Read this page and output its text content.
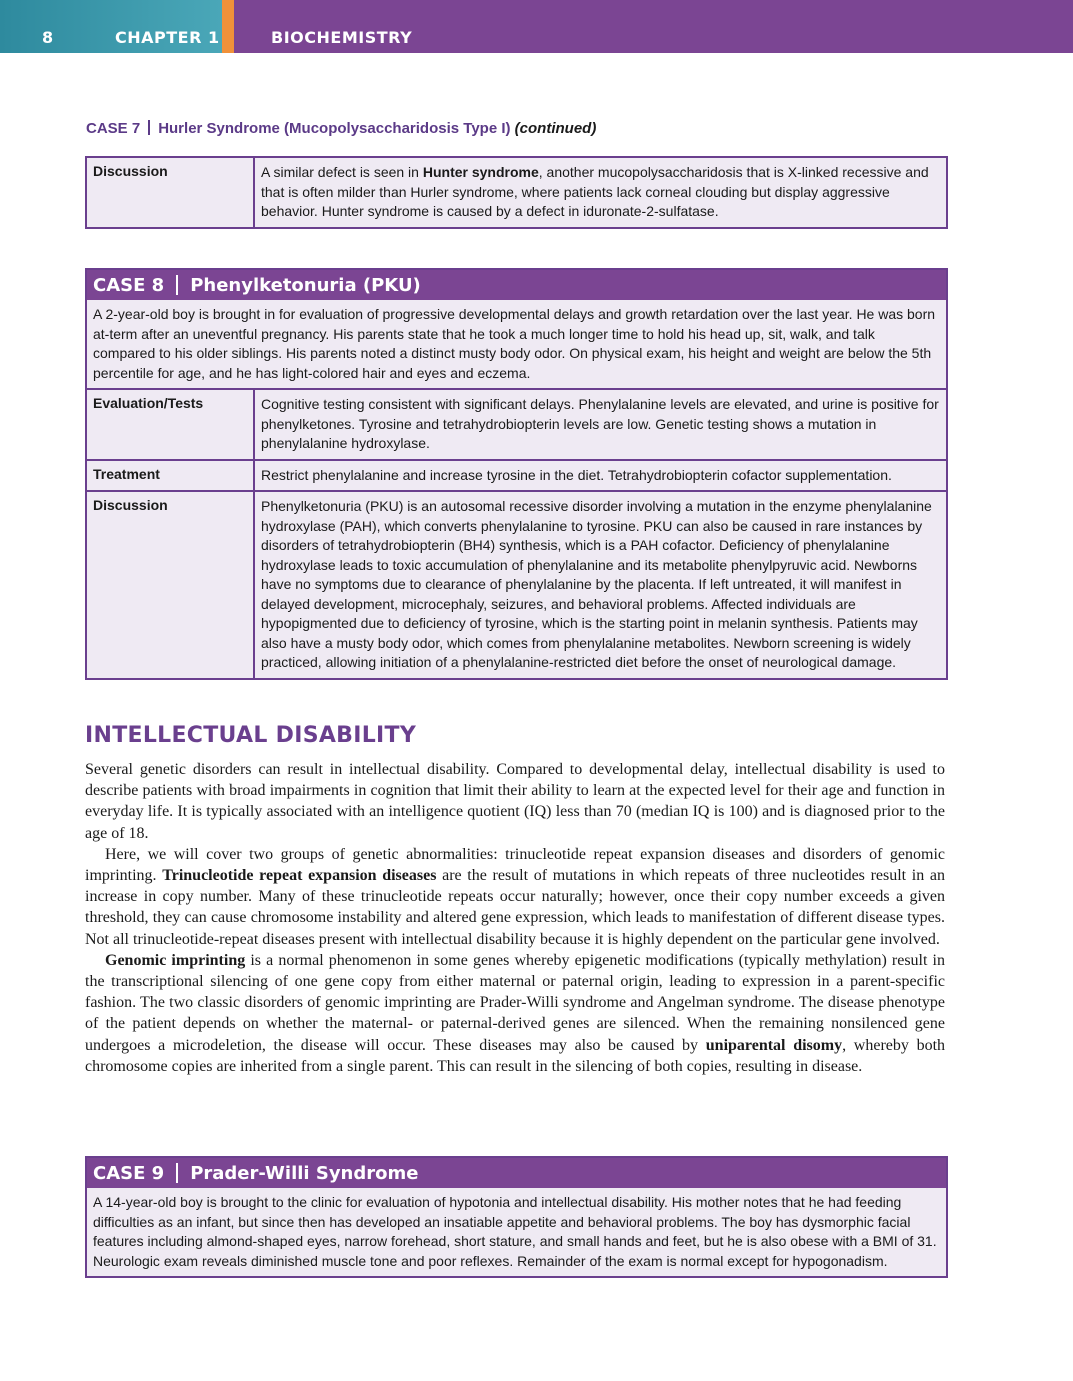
8	CHAPTER 1	BIOCHEMISTRY
CASE 7 Hurler Syndrome (Mucopolysaccharidosis Type I) (continued)
Discussion	A similar defect is seen in Hunter syndrome, another mucopolysaccharidosis that is X-linked recessive and that is often milder than Hurler syndrome, where patients lack corneal clouding but display aggressive behavior. Hunter syndrome is caused by a defect in iduronate-2-sulfatase.
CASE 8 Phenylketonuria (PKU)
A 2-year-old boy is brought in for evaluation of progressive developmental delays and growth retardation over the last year. He was born at-term after an uneventful pregnancy. His parents state that he took a much longer time to hold his head up, sit, walk, and talk compared to his older siblings. His parents noted a distinct musty body odor. On physical exam, his height and weight are below the 5th percentile for age, and he has light-colored hair and eyes and eczema.
Evaluation/Tests	Cognitive testing consistent with significant delays. Phenylalanine levels are elevated, and urine is positive for phenylketones. Tyrosine and tetrahydrobiopterin levels are low. Genetic testing shows a mutation in phenylalanine hydroxylase.
Treatment	Restrict phenylalanine and increase tyrosine in the diet. Tetrahydrobiopterin cofactor supplementation.
Discussion	Phenylketonuria (PKU) is an autosomal recessive disorder involving a mutation in the enzyme phenylalanine hydroxylase (PAH), which converts phenylalanine to tyrosine. PKU can also be caused in rare instances by disorders of tetrahydrobiopterin (BH4) synthesis, which is a PAH cofactor. Deficiency of phenylalanine hydroxylase leads to toxic accumulation of phenylalanine and its metabolite phenylpyruvic acid. Newborns have no symptoms due to clearance of phenylalanine by the placenta. If left untreated, it will manifest in delayed development, microcephaly, seizures, and behavioral problems. Affected individuals are hypopigmented due to deficiency of tyrosine, which is the starting point in melanin synthesis. Patients may also have a musty body odor, which comes from phenylalanine metabolites. Newborn screening is widely practiced, allowing initiation of a phenylalanine-restricted diet before the onset of neurological damage.
INTELLECTUAL DISABILITY

Several genetic disorders can result in intellectual disability. Compared to developmental delay, intellectual disability is used to describe patients with broad impairments in cognition that limit their ability to learn at the expected level for their age and function in everyday life. It is typically associated with an intelligence quotient (IQ) less than 70 (median IQ is 100) and is diagnosed prior to the age of 18.

Here, we will cover two groups of genetic abnormalities: trinucleotide repeat expansion diseases and disorders of genomic imprinting. Trinucleotide repeat expansion diseases are the result of mutations in which repeats of three nucleotides result in an increase in copy number. Many of these trinucleotide repeats occur naturally; however, once their copy number exceeds a given threshold, they can cause chromosome instability and altered gene expression, which leads to manifestation of different disease types. Not all trinucleotide-repeat diseases present with intellectual disability because it is highly dependent on the particular gene involved.

Genomic imprinting is a normal phenomenon in some genes whereby epigenetic modifications (typically methylation) result in the transcriptional silencing of one gene copy from either maternal or paternal origin, leading to expression in a parent-specific fashion. The two classic disorders of genomic imprinting are Prader-Willi syndrome and Angelman syndrome. The disease phenotype of the patient depends on whether the maternal- or paternal-derived genes are silenced. When the remaining nonsilenced gene undergoes a microdeletion, the disease will occur. These diseases may also be caused by uniparental disomy, whereby both chromosome copies are inherited from a single parent. This can result in the silencing of both copies, resulting in disease.

CASE 9 Prader-Willi Syndrome
A 14-year-old boy is brought to the clinic for evaluation of hypotonia and intellectual disability. His mother notes that he had feeding difficulties as an infant, but since then has developed an insatiable appetite and behavioral problems. The boy has dysmorphic facial features including almond-shaped eyes, narrow forehead, short stature, and small hands and feet, but he is also obese with a BMI of 31. Neurologic exam reveals diminished muscle tone and poor reflexes. Remainder of the exam is normal except for hypogonadism.
